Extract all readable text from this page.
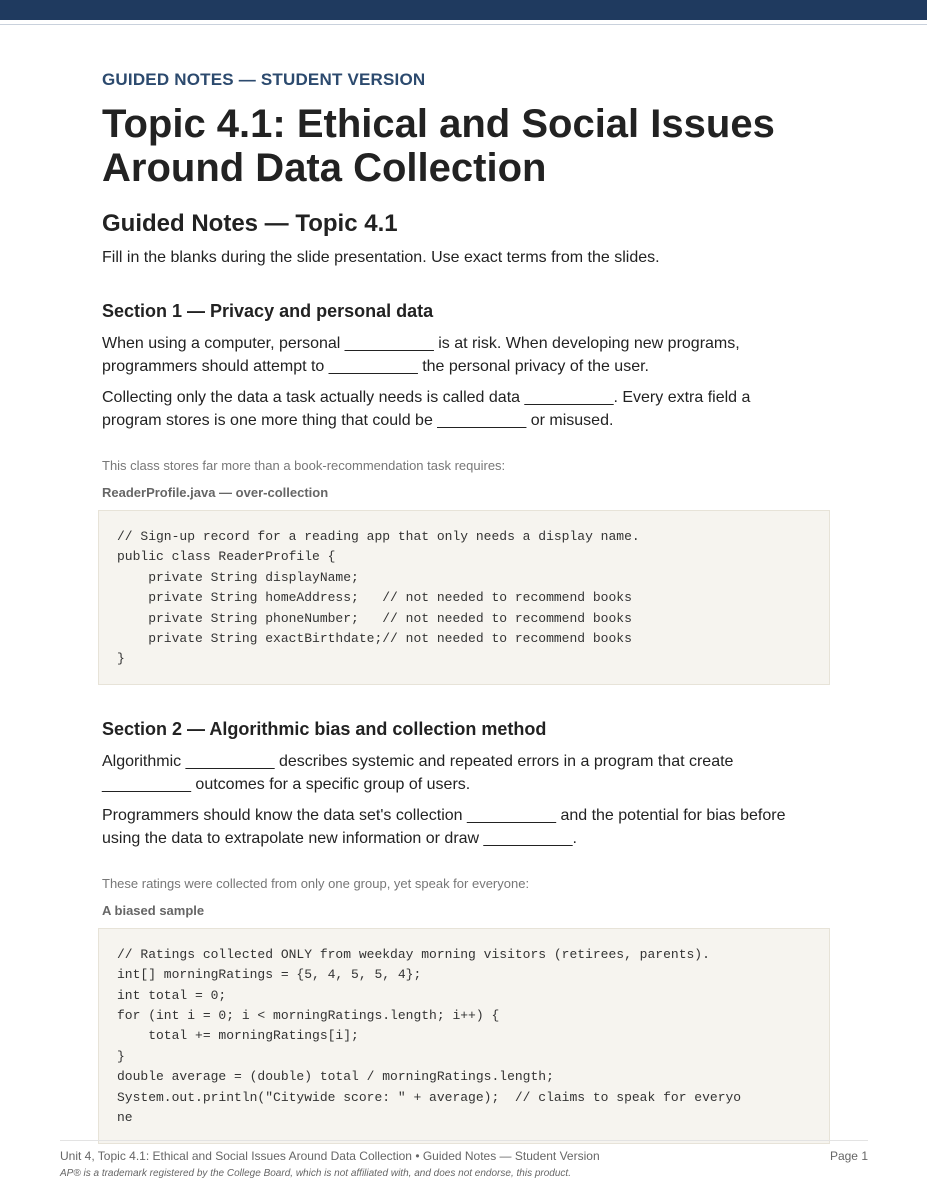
GUIDED NOTES — STUDENT VERSION

Topic 4.1: Ethical and Social Issues
Around Data Collection
Guided Notes — Topic 4.1

Fill in the blanks during the slide presentation. Use exact terms from the slides.

Section 1 — Privacy and personal data

When using a computer, personal __________ is at risk. When developing new programs,
programmers should attempt to __________ the personal privacy of the user.

Collecting only the data a task actually needs is called data __________. Every extra field a
program stores is one more thing that could be __________ or misused.

This class stores far more than a book-recommendation task requires:

ReaderProfile.java — over-collection

// Sign-up record for a reading app that only needs a display name.
public class ReaderProfile {
private String displayName;
private String homeAddress;   // not needed to recommend books
private String phoneNumber;   // not needed to recommend books
private String exactBirthdate;// not needed to recommend books
}
Section 2 — Algorithmic bias and collection method

Algorithmic __________ describes systemic and repeated errors in a program that create
__________ outcomes for a specific group of users.

Programmers should know the data set's collection __________ and the potential for bias before
using the data to extrapolate new information or draw __________.

These ratings were collected from only one group, yet speak for everyone:

A biased sample

// Ratings collected ONLY from weekday morning visitors (retirees, parents).
int[] morningRatings = {5, 4, 5, 5, 4};
int total = 0;
for (int i = 0; i < morningRatings.length; i++) {
total += morningRatings[i];
}
double average = (double) total / morningRatings.length;
System.out.println("Citywide score: " + average);  // claims to speak for everyo
ne
Unit 4, Topic 4.1: Ethical and Social Issues Around Data Collection • Guided Notes — Student Version	Page 1
AP® is a trademark registered by the College Board, which is not affiliated with, and does not endorse, this product.
